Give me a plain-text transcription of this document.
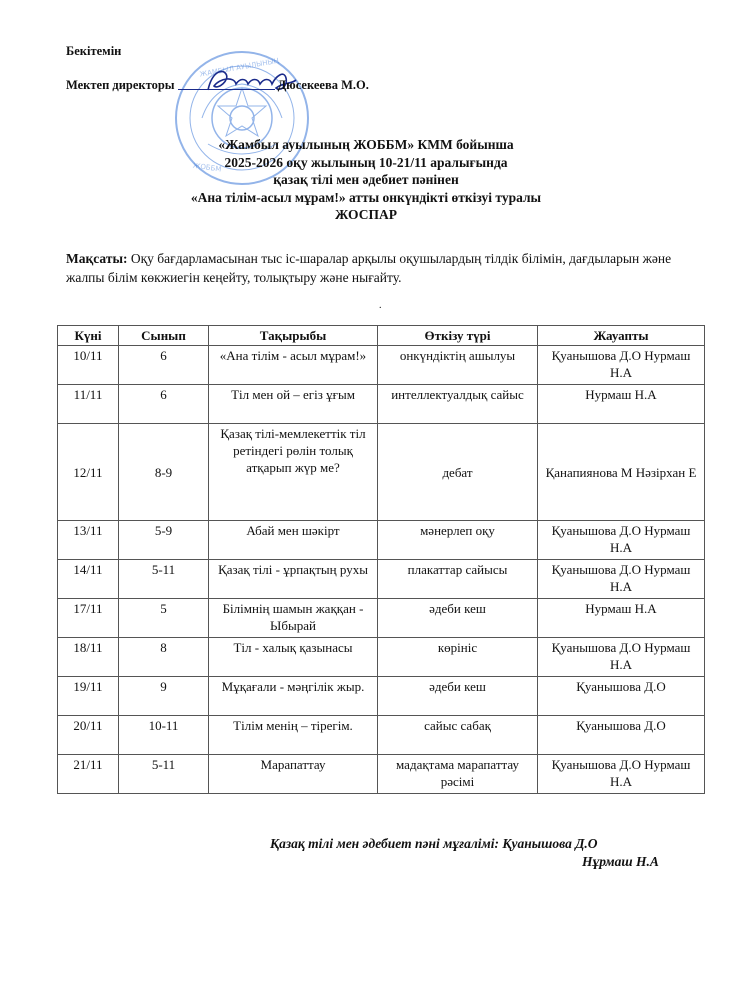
ЖАМБЫЛ АУЫЛЫНЫҢ
ЖОББМ
Бекітемін
Мектеп директоры	Дюсекеева М.О.
«Жамбыл ауылының ЖОББМ» КММ бойынша
2025-2026 оқу жылының 10-21/11 аралығында
қазақ тілі мен әдебиет пәнінен
«Ана тілім-асыл мұрам!» атты онкүндікті өткізуі туралы
ЖОСПАР
Мақсаты: Оқу бағдарламасынан тыс іс-шаралар арқылы оқушылардың тілдік білімін, дағдыларын және жалпы білім көкжиегін кеңейту, толықтыру және нығайту.
.
Күні	Сынып	Тақырыбы	Өткізу түрі	Жауапты
10/11	6	«Ана тілім - асыл мұрам!»	онкүндіктің ашылуы	Қуанышова Д.О Нурмаш Н.А
11/11	6	Тіл мен ой – егіз ұғым	интеллектуалдық сайыс	Нурмаш Н.А
12/11	8-9	Қазақ тілі-мемлекеттік тіл ретіндегі рөлін толық атқарып жүр ме?	дебат	Қанапиянова М Нәзірхан Е
13/11	5-9	Абай мен шәкірт	мәнерлеп оқу	Қуанышова Д.О Нурмаш Н.А
14/11	5-11	Қазақ тілі - ұрпақтың рухы	плакаттар сайысы	Қуанышова Д.О Нурмаш Н.А
17/11	5	Білімнің шамын жаққан - Ыбырай	әдеби кеш	Нурмаш Н.А
18/11	8	Тіл - халық қазынасы	көрініс	Қуанышова Д.О Нурмаш Н.А
19/11	9	Мұқағали - мәңгілік жыр.	әдеби кеш	Қуанышова Д.О
20/11	10-11	Тілім менің – тірегім.	сайыс сабақ	Қуанышова Д.О
21/11	5-11	Марапаттау	мадақтама марапаттау рәсімі	Қуанышова Д.О Нурмаш Н.А
Қазақ тілі мен әдебиет пәні мұғалімі: Қуанышова Д.О
Нұрмаш Н.А
